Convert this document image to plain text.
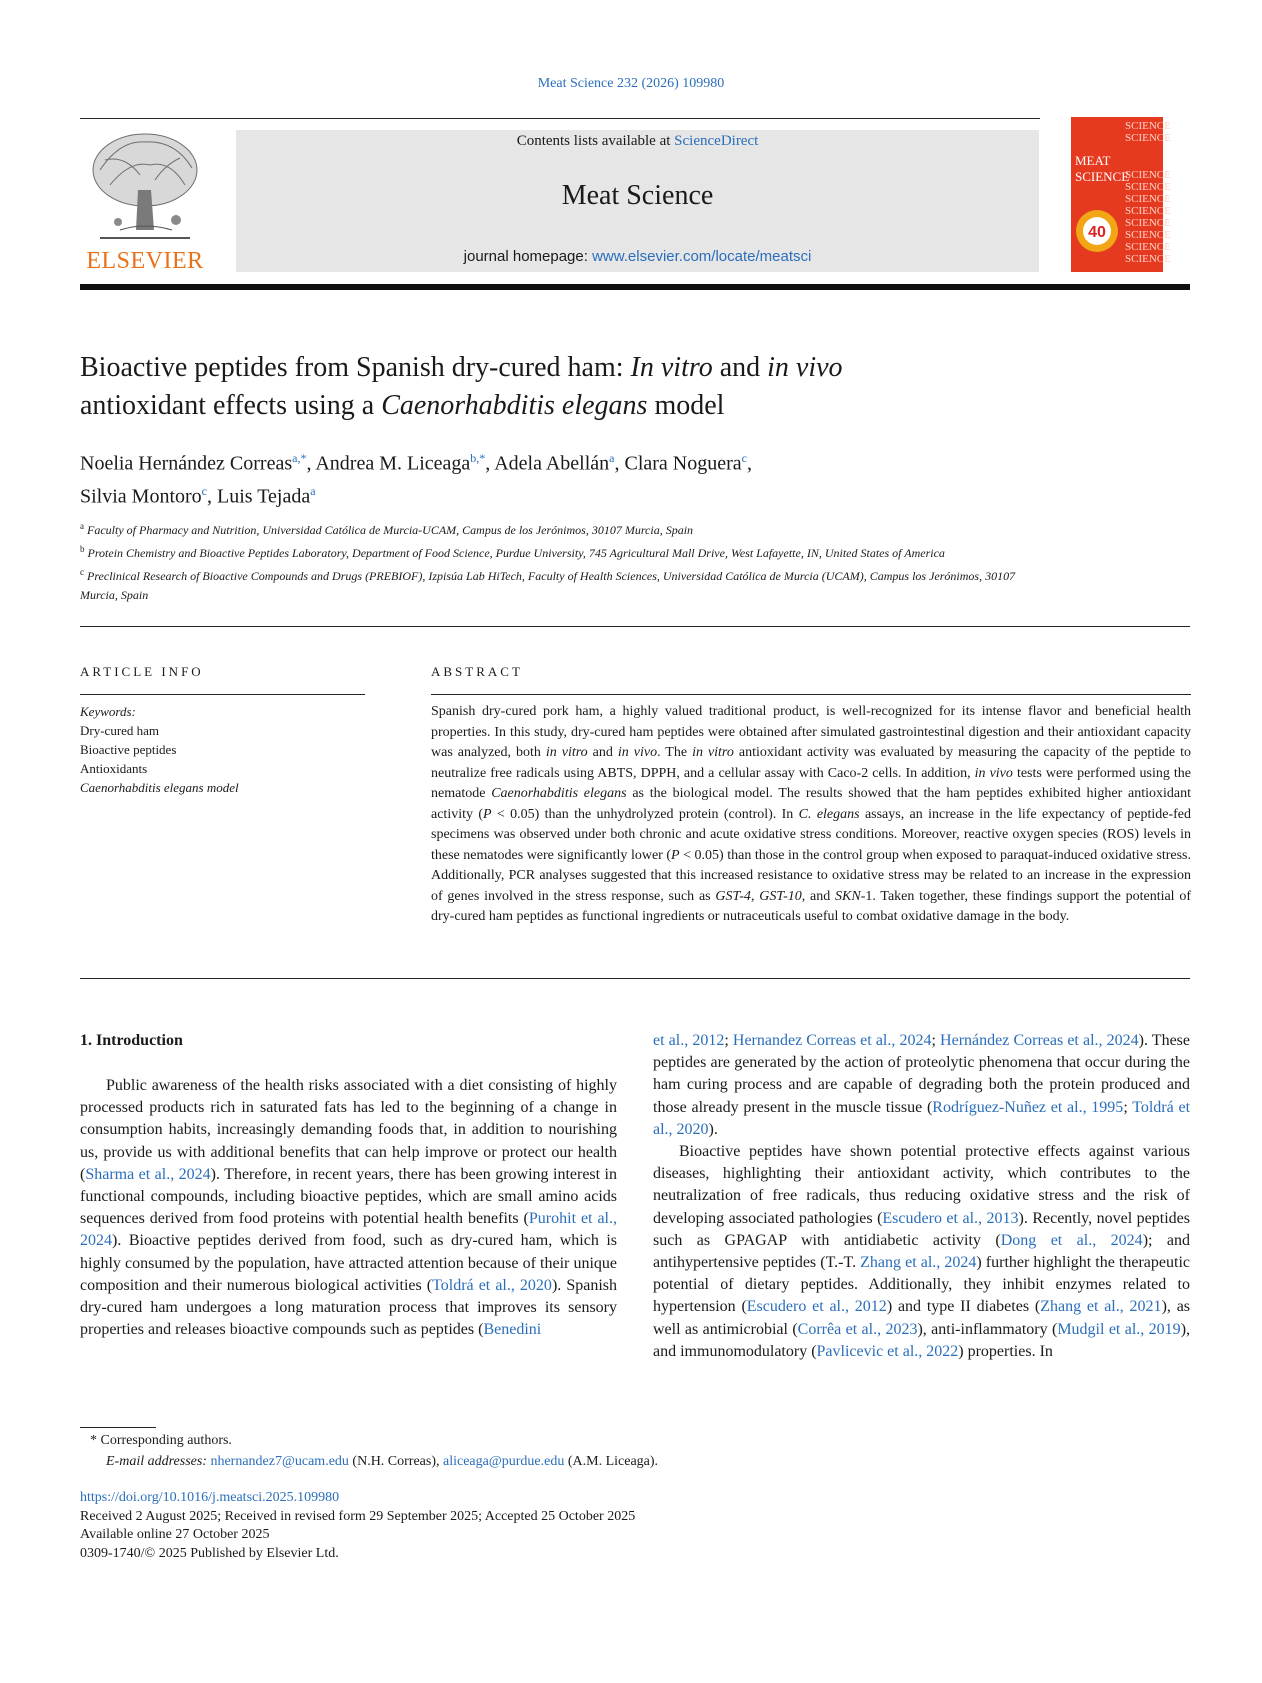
Meat Science 232 (2026) 109980
ELSEVIER
Contents lists available at ScienceDirect
Meat Science
journal homepage: www.elsevier.com/locate/meatsci
SCIENCE
SCIENCE
MEAT SCIENCE
SCIENCE
SCIENCE
SCIENCE
SCIENCE
SCIENCE
SCIENCE
SCIENCE
SCIENCE
40
Bioactive peptides from Spanish dry-cured ham: In vitro and in vivo
antioxidant effects using a Caenorhabditis elegans model
Noelia Hernández Correas$^{a,*}$, Andrea M. Liceaga$^{b,*}$, Adela Abellán$^a$, Clara Noguera$^c$,
Silvia Montoro$^c$, Luis Tejada$^a$
$^a$ Faculty of Pharmacy and Nutrition, Universidad Católica de Murcia-UCAM, Campus de los Jerónimos, 30107 Murcia, Spain
$^b$ Protein Chemistry and Bioactive Peptides Laboratory, Department of Food Science, Purdue University, 745 Agricultural Mall Drive, West Lafayette, IN, United States of America
$^c$ Preclinical Research of Bioactive Compounds and Drugs (PREBIOF), Izpisúa Lab HiTech, Faculty of Health Sciences, Universidad Católica de Murcia (UCAM), Campus los Jerónimos, 30107 Murcia, Spain
ARTICLE INFO
Keywords:
Dry-cured ham
Bioactive peptides
Antioxidants
Caenorhabditis elegans model
ABSTRACT
Spanish dry-cured pork ham, a highly valued traditional product, is well-recognized for its intense flavor and beneficial health properties. In this study, dry-cured ham peptides were obtained after simulated gastrointestinal digestion and their antioxidant capacity was analyzed, both in vitro and in vivo. The in vitro antioxidant activity was evaluated by measuring the capacity of the peptide to neutralize free radicals using ABTS, DPPH, and a cellular assay with Caco-2 cells. In addition, in vivo tests were performed using the nematode Caenorhabditis elegans as the biological model. The results showed that the ham peptides exhibited higher antioxidant activity (P < 0.05) than the unhydrolyzed protein (control). In C. elegans assays, an increase in the life expectancy of peptide-fed specimens was observed under both chronic and acute oxidative stress conditions. Moreover, reactive oxygen species (ROS) levels in these nematodes were significantly lower (P < 0.05) than those in the control group when exposed to paraquat-induced oxidative stress. Additionally, PCR analyses suggested that this increased resistance to oxidative stress may be related to an increase in the expression of genes involved in the stress response, such as GST-4, GST-10, and SKN-1. Taken together, these findings support the potential of dry-cured ham peptides as functional ingredients or nutraceuticals useful to combat oxidative damage in the body.
1. Introduction

Public awareness of the health risks associated with a diet consisting of highly processed products rich in saturated fats has led to the beginning of a change in consumption habits, increasingly demanding foods that, in addition to nourishing us, provide us with additional benefits that can help improve or protect our health (Sharma et al., 2024). Therefore, in recent years, there has been growing interest in functional compounds, including bioactive peptides, which are small amino acids sequences derived from food proteins with potential health benefits (Purohit et al., 2024). Bioactive peptides derived from food, such as dry-cured ham, which is highly consumed by the population, have attracted attention because of their unique composition and their numerous biological activities (Toldrá et al., 2020). Spanish dry-cured ham undergoes a long maturation process that improves its sensory properties and releases bioactive compounds such as peptides (Benedini

et al., 2012; Hernandez Correas et al., 2024; Hernández Correas et al., 2024). These peptides are generated by the action of proteolytic phenomena that occur during the ham curing process and are capable of degrading both the protein produced and those already present in the muscle tissue (Rodríguez-Nuñez et al., 1995; Toldrá et al., 2020).

Bioactive peptides have shown potential protective effects against various diseases, highlighting their antioxidant activity, which contributes to the neutralization of free radicals, thus reducing oxidative stress and the risk of developing associated pathologies (Escudero et al., 2013). Recently, novel peptides such as GPAGAP with antidiabetic activity (Dong et al., 2024); and antihypertensive peptides (T.-T. Zhang et al., 2024) further highlight the therapeutic potential of dietary peptides. Additionally, they inhibit enzymes related to hypertension (Escudero et al., 2012) and type II diabetes (Zhang et al., 2021), as well as antimicrobial (Corrêa et al., 2023), anti-inflammatory (Mudgil et al., 2019), and immunomodulatory (Pavlicevic et al., 2022) properties. In

* Corresponding authors.
E-mail addresses: nhernandez7@ucam.edu (N.H. Correas), aliceaga@purdue.edu (A.M. Liceaga).
https://doi.org/10.1016/j.meatsci.2025.109980
Received 2 August 2025; Received in revised form 29 September 2025; Accepted 25 October 2025
Available online 27 October 2025
0309-1740/© 2025 Published by Elsevier Ltd.
